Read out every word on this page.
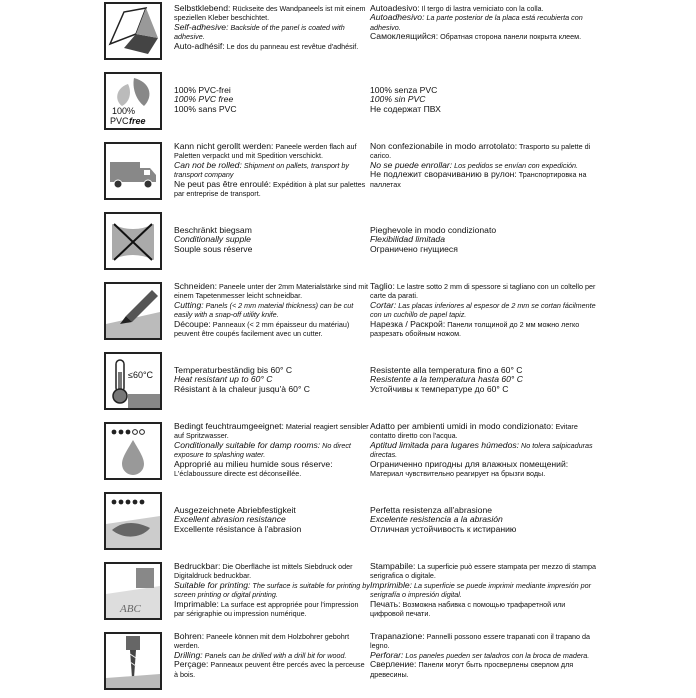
Selbstklebend: Rückseite des Wandpaneels ist mit einem speziellen Kleber beschichtet.

Self-adhesive: Backside of the panel is coated with adhesive.

Auto-adhésif: Le dos du panneau est revêtue d'adhésif.

Autoadesivo: Il tergo di lastra verniciato con la colla.

Autoadhesivo: La parte posterior de la placa está recubierta con adhesivo.

Самоклеящийся: Обратная сторона панели покрыта клеем.

100%
PVC free

100% PVC-frei

100% PVC free

100% sans PVC

100% senza PVC

100% sin PVC

Не содержат ПВХ

Kann nicht gerollt werden: Paneele werden flach auf Paletten verpackt und mit Spedition verschickt.

Can not be rolled: Shipment on pallets, transport by transport company

Ne peut pas être enroulé: Expédition à plat sur palettes par entreprise de transport.

Non confezionabile in modo arrotolato: Trasporto su palette di carico.

No se puede enrollar: Los pedidos se envían con expedición.

Не подлежит сворачиванию в рулон: Транспортировка на паллетах

Beschränkt biegsam

Conditionally supple

Souple sous réserve

Pieghevole in modo condizionato

Flexibilidad limitada

Ограничено гнущиеся

Schneiden: Paneele unter der 2mm Materialstärke sind mit einem Tapetenmesser leicht schneidbar.

Cutting: Panels (< 2 mm material thickness) can be cut easily with a snap-off utility knife.

Découpe: Panneaux (< 2 mm épaisseur du matériau) peuvent être coupés facilement avec un cutter.

Taglio: Le lastre sotto 2 mm di spessore si tagliano con un coltello per carte da parati.

Cortar: Las placas inferiores al espesor de 2 mm se cortan fácilmente con un cuchillo de papel tapiz.

Нарезка / Раскрой: Панели толщиной до 2 мм можно легко разрезать обойным ножом.

≤60°C Temperaturbeständig bis 60° C

Heat resistant up to 60° C

Résistant à la chaleur jusqu'à 60° C

Resistente alla temperatura fino a 60° C

Resistente a la temperatura hasta 60° C

Устойчивы к температуре до 60° C

Bedingt feuchtraumgeeignet: Material reagiert sensibler auf Spritzwasser.

Conditionally suitable for damp rooms: No direct exposure to splashing water.

Approprié au milieu humide sous réserve: L'éclaboussure directe est déconseillée.

Adatto per ambienti umidi in modo condizionato: Evitare contatto diretto con l'acqua.

Aptitud limitada para lugares húmedos: No tolera salpicaduras directas.

Ограниченно пригодны для влажных помещений: Материал чувствительно реагирует на брызги воды.

Ausgezeichnete Abriebfestigkeit

Excellent abrasion resistance

Excellente résistance à l'abrasion

Perfetta resistenza all'abrasione

Excelente resistencia a la abrasión

Отличная устойчивость к истиранию

ABC

Bedruckbar: Die Oberfläche ist mittels Siebdruck oder Digitaldruck bedruckbar.

Suitable for printing: The surface is suitable for printing by screen printing or digital printing.

Imprimable: La surface est appropriée pour l'impression par sérigraphie ou impression numérique.

Stampabile: La superficie può essere stampata per mezzo di stampa serigrafica o digitale.

Imprimible: La superficie se puede imprimir mediante impresión por serigrafía o impresión digital.

Печать: Возможна набивка с помощью трафаретной или цифровой печати.

Bohren: Paneele können mit dem Holzbohrer gebohrt werden.

Drilling: Panels can be drilled with a drill bit for wood.

Perçage: Panneaux peuvent être percés avec la perceuse à bois.

Trapanazione: Pannelli possono essere trapanati con il trapano da legno.

Perforar: Los paneles pueden ser taladros con la broca de madera.

Сверление: Панели могут быть просверлены сверлом для древесины.
